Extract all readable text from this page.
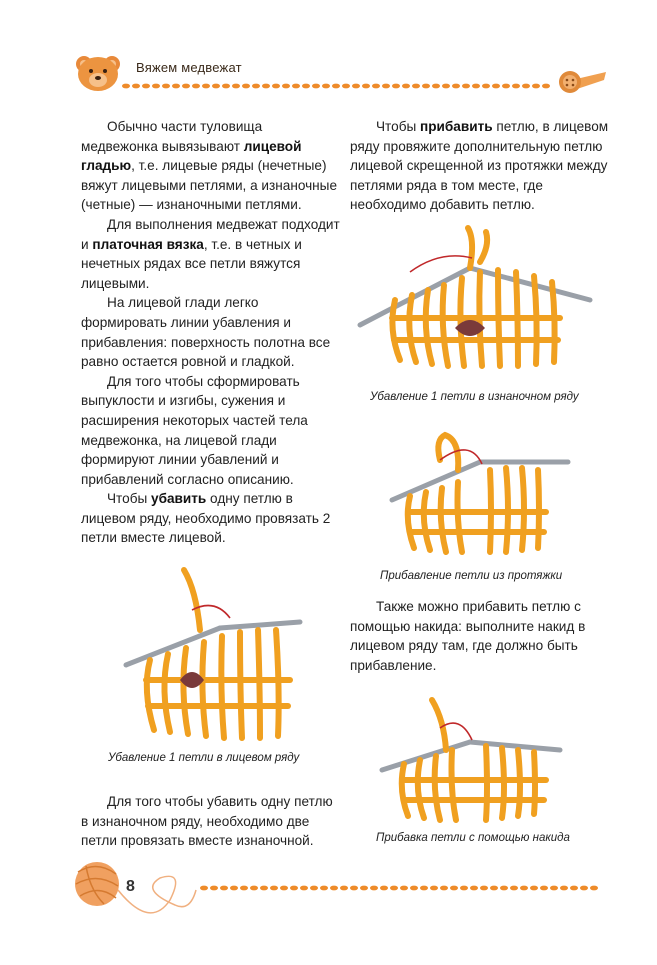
Вяжем медвежат

Обычно части туловища медвежонка вывязывают лицевой гладью, т.е. лицевые ряды (нечетные) вяжут лицевыми петлями, а изнаночные (четные) — изнаночными петлями.

Для выполнения медвежат подходит и платочная вязка, т.е. в четных и нечетных рядах все петли вяжутся лицевыми.

На лицевой глади легко формировать линии убавления и прибавления: поверхность полотна все равно остается ровной и гладкой.

Для того чтобы сформировать выпуклости и изгибы, сужения и расширения некоторых частей тела медвежонка, на лицевой глади формируют линии убавлений и прибавлений согласно описанию.

Чтобы убавить одну петлю в лицевом ряду, необходимо провязать 2 петли вместе лицевой.

Для того чтобы убавить одну петлю в изнаночном ряду, необходимо две петли провязать вместе изнаночной.

Чтобы прибавить петлю, в лицевом ряду провяжите дополнительную петлю лицевой скрещенной из протяжки между петлями ряда в том месте, где необходимо добавить петлю.

Также можно прибавить петлю с помощью накида: выполните накид в лицевом ряду там, где должно быть прибавление.

Убавление 1 петли в изнаночном ряду
Прибавление петли из протяжки
Убавление 1 петли в лицевом ряду
Прибавка петли с помощью накида
8
